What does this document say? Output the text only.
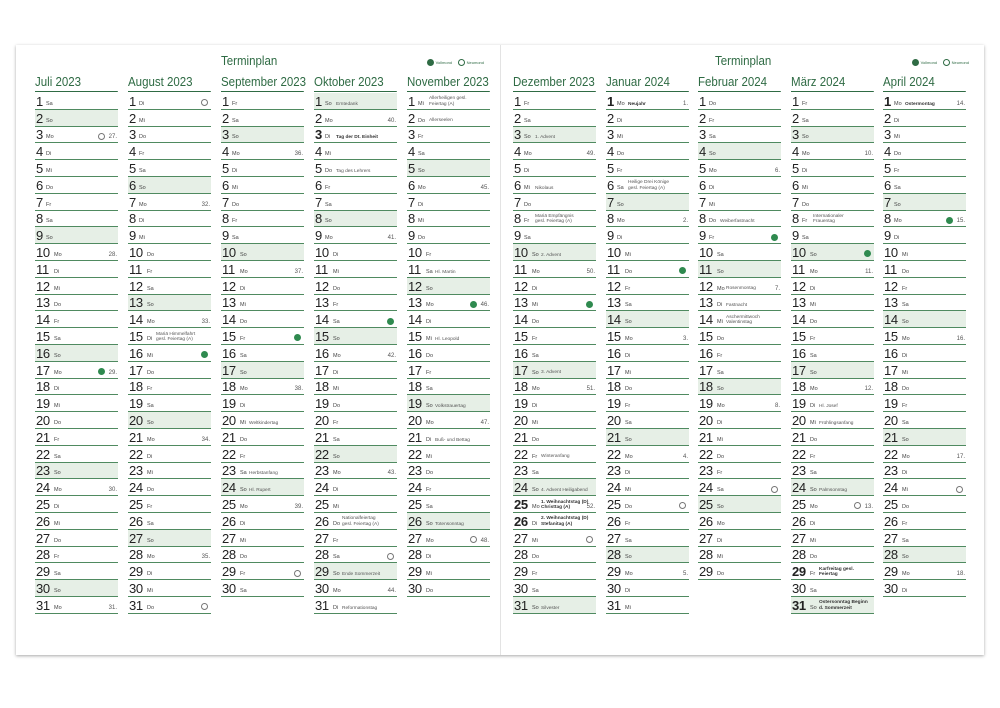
Terminplan	Vollmond	Neumond	Terminplan	Vollmond	Neumond
Juli 2023
1 Sa
2 So
3 Mo	27.
4 Di
5 Mi
6 Do
7 Fr
8 Sa
9 So
10 Mo	28.
11 Di
12 Mi
13 Do
14 Fr
15 Sa
16 So
17 Mo	29.
18 Di
19 Mi
20 Do
21 Fr
22 Sa
23 So
24 Mo	30.
25 Di
26 Mi
27 Do
28 Fr
29 Sa
30 So
31 Mo	31.
August 2023
1 Di
2 Mi
3 Do
4 Fr
5 Sa
6 So
7 Mo	32.
8 Di
9 Mi
10 Do
11 Fr
12 Sa
13 So
14 Mo	33.
15 Di
Mariä Himmelfahrt
gesl. Feiertag (A)
16 Mi
17 Do
18 Fr
19 Sa
20 So
21 Mo	34.
22 Di
23 Mi
24 Do
25 Fr
26 Sa
27 So
28 Mo	35.
29 Di
30 Mi
31 Do
September 2023
1 Fr
2 Sa
3 So
4 Mo	36.
5 Di
6 Mi
7 Do
8 Fr
9 Sa
10 So
11 Mo	37.
12 Di
13 Mi
14 Do
15 Fr
16 Sa
17 So
18 Mo	38.
19 Di
20 Mi Weltkindertag
21 Do
22 Fr
23 Sa Herbstanfang
24 So Hl. Rupert
25 Mo	39.
26 Di
27 Mi
28 Do
29 Fr
30 Sa
Oktober 2023
1 So Erntedank
2 Mo	40.
3 Di Tag der Dt. Einheit
4 Mi
5 Do Tag des Lehrers
6 Fr
7 Sa
8 So
9 Mo	41.
10 Di
11 Mi
12 Do
13 Fr
14 Sa
15 So
16 Mo	42.
17 Di
18 Mi
19 Do
20 Fr
21 Sa
22 So
23 Mo	43.
24 Di
25 Mi
26 Do
Nationalfeiertag
gesl. Feiertag (A)
27 Fr
28 Sa
29 So Ende Sommerzeit
30 Mo	44.
31 Di Reformationstag
November 2023
1 Mi
Allerheiligen gesl.
Feiertag (A)
2 Do Allerseelen
3 Fr
4 Sa
5 So
6 Mo	45.
7 Di
8 Mi
9 Do
10 Fr
11 Sa Hl. Martin
12 So
13 Mo	46.
14 Di
15 Mi Hl. Leopold
16 Do
17 Fr
18 Sa
19 So Volkstrauertag
20 Mo	47.
21 Di Buß- und Bettag
22 Mi
23 Do
24 Fr
25 Sa
26 So Totensonntag
27 Mo	48.
28 Di
29 Mi
30 Do
Dezember 2023
1 Fr
2 Sa
3 So 1. Advent
4 Mo	49.
5 Di
6 Mi Nikolaus
7 Do
8 Fr
Mariä Empfängnis
gesl. Feiertag (A)
9 Sa
10 So 2. Advent
11 Mo	50.
12 Di
13 Mi
14 Do
15 Fr
16 Sa
17 So 3. Advent
18 Mo	51.
19 Di
20 Mi
21 Do
22 Fr Winteranfang
23 Sa
24 So 4. Advent Heiligabend
25 Mo
1. Weihnachtstag (D)
Christtag (A)	52.
26 Di
2. Weihnachtstag (D)
Stefanitag (A)
27 Mi
28 Do
29 Fr
30 Sa
31 So Silvester
Januar 2024
1 Mo Neujahr	1.
2 Di
3 Mi
4 Do
5 Fr
6 Sa
Heilige Drei Könige
gesl. Feiertag (A)
7 So
8 Mo	2.
9 Di
10 Mi
11 Do
12 Fr
13 Sa
14 So
15 Mo	3.
16 Di
17 Mi
18 Do
19 Fr
20 Sa
21 So
22 Mo	4.
23 Di
24 Mi
25 Do
26 Fr
27 Sa
28 So
29 Mo	5.
30 Di
31 Mi
Februar 2024
1 Do
2 Fr
3 Sa
4 So
5 Mo	6.
6 Di
7 Mi
8 Do Weiberfastnacht
9 Fr
10 Sa
11 So
12 Mo Rosenmontag	7.
13 Di Fastnacht
14 Mi
Aschermittwoch
Valentinstag
15 Do
16 Fr
17 Sa
18 So
19 Mo	8.
20 Di
21 Mi
22 Do
23 Fr
24 Sa
25 So
26 Mo
27 Di
28 Mi
29 Do
März 2024
1 Fr
2 Sa
3 So
4 Mo	10.
5 Di
6 Mi
7 Do
8 Fr
Internationaler
Frauentag
9 Sa
10 So
11 Mo	11.
12 Di
13 Mi
14 Do
15 Fr
16 Sa
17 So
18 Mo	12.
19 Di Hl. Josef
20 Mi Frühlingsanfang
21 Do
22 Fr
23 Sa
24 So Palmsonntag
25 Mo	13.
26 Di
27 Mi
28 Do
29 Fr
Karfreitag gesl.
Feiertag
30 Sa
31 So
Ostersonntag Beginn
d. Sommerzeit
April 2024
1 Mo Ostermontag	14.
2 Di
3 Mi
4 Do
5 Fr
6 Sa
7 So
8 Mo	15.
9 Di
10 Mi
11 Do
12 Fr
13 Sa
14 So
15 Mo	16.
16 Di
17 Mi
18 Do
19 Fr
20 Sa
21 So
22 Mo	17.
23 Di
24 Mi
25 Do
26 Fr
27 Sa
28 So
29 Mo	18.
30 Di
